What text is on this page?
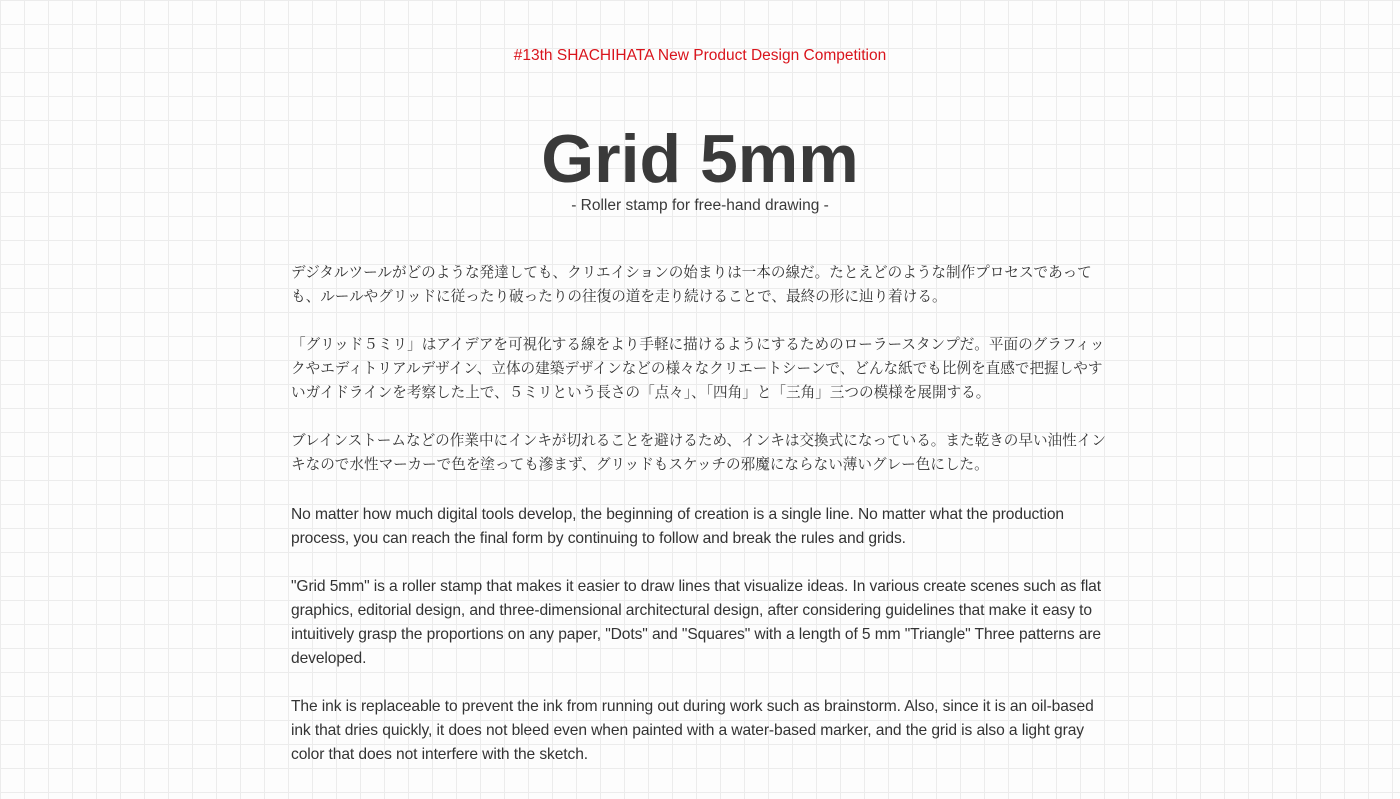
#13th SHACHIHATA New Product Design Competition
Grid 5mm
- Roller stamp for free-hand drawing -

デジタルツールがどのような発達しても、クリエイションの始まりは一本の線だ。たとえどのような制作プロセスであっても、ルールやグリッドに従ったり破ったりの往復の道を走り続けることで、最終の形に辿り着ける。

「グリッド５ミリ」はアイデアを可視化する線をより手軽に描けるようにするためのローラースタンプだ。平面のグラフィックやエディトリアルデザイン、立体の建築デザインなどの様々なクリエートシーンで、どんな紙でも比例を直感で把握しやすいガイドラインを考察した上で、５ミリという長さの「点々」、「四角」と「三角」三つの模様を展開する。

ブレインストームなどの作業中にインキが切れることを避けるため、インキは交換式になっている。また乾きの早い油性インキなので水性マーカーで色を塗っても滲まず、グリッドもスケッチの邪魔にならない薄いグレー色にした。

No matter how much digital tools develop, the beginning of creation is a single line. No matter what the production process, you can reach the final form by continuing to follow and break the rules and grids.

"Grid 5mm" is a roller stamp that makes it easier to draw lines that visualize ideas. In various create scenes such as flat graphics, editorial design, and three-dimensional architectural design, after considering guidelines that make it easy to intuitively grasp the proportions on any paper, "Dots" and "Squares" with a length of 5 mm "Triangle" Three patterns are developed.

The ink is replaceable to prevent the ink from running out during work such as brainstorm. Also, since it is an oil-based ink that dries quickly, it does not bleed even when painted with a water-based marker, and the grid is also a light gray color that does not interfere with the sketch.
